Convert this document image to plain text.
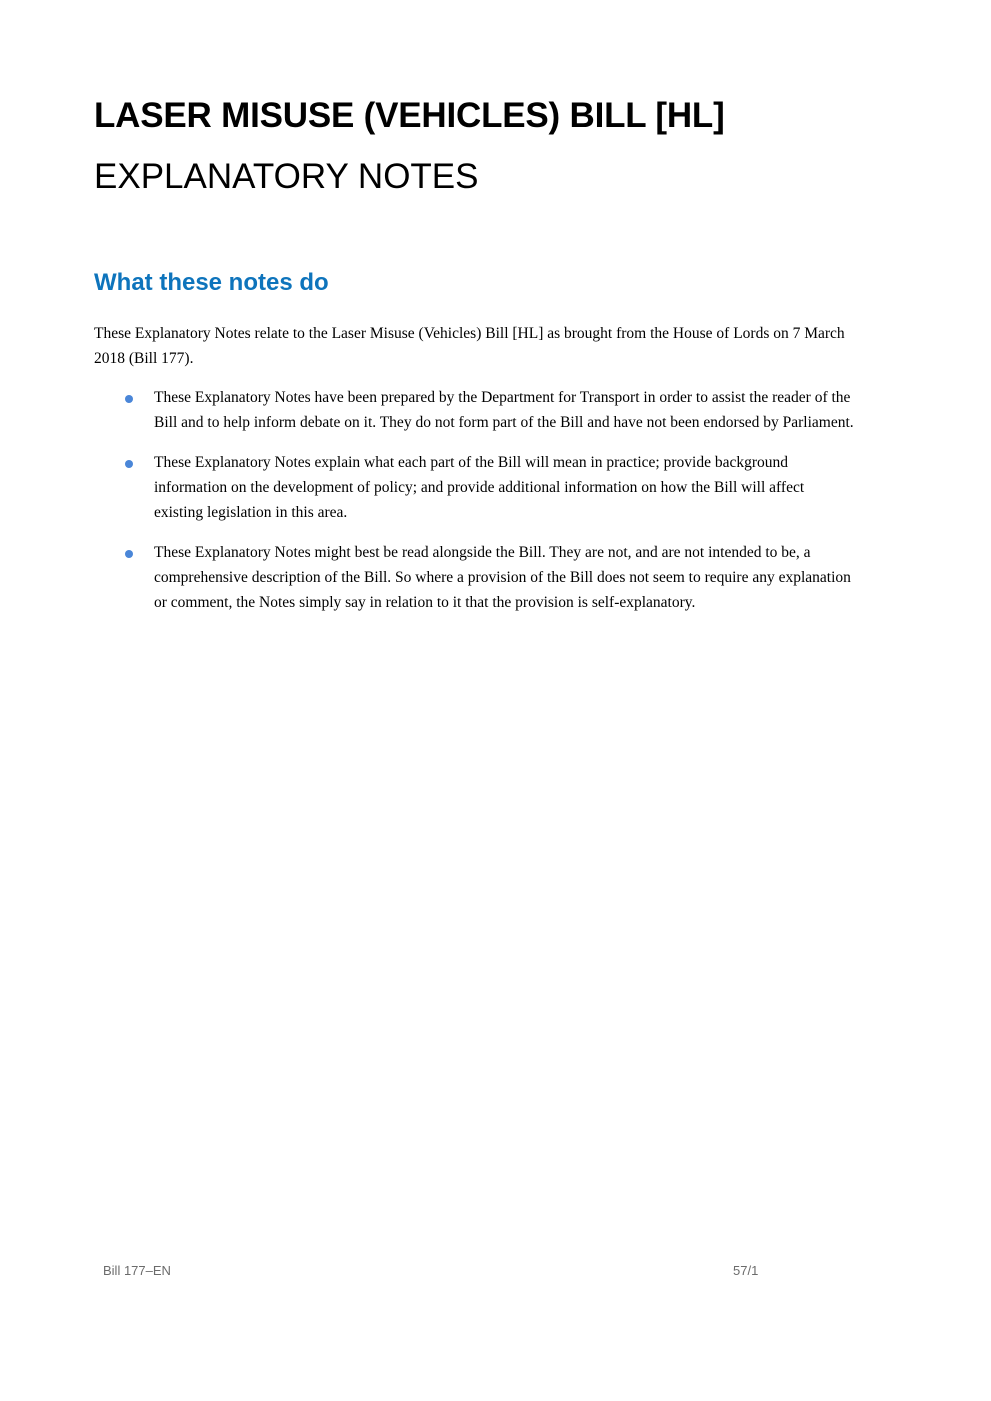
LASER MISUSE (VEHICLES) BILL [HL]
EXPLANATORY NOTES
What these notes do

These Explanatory Notes relate to the Laser Misuse (Vehicles) Bill [HL] as brought from the House of Lords on 7 March 2018 (Bill 177).

These Explanatory Notes have been prepared by the Department for Transport in order to assist the reader of the Bill and to help inform debate on it. They do not form part of the Bill and have not been endorsed by Parliament.
These Explanatory Notes explain what each part of the Bill will mean in practice; provide background information on the development of policy; and provide additional information on how the Bill will affect existing legislation in this area.
These Explanatory Notes might best be read alongside the Bill. They are not, and are not intended to be, a comprehensive description of the Bill. So where a provision of the Bill does not seem to require any explanation or comment, the Notes simply say in relation to it that the provision is self-explanatory.
Bill 177–EN	57/1
